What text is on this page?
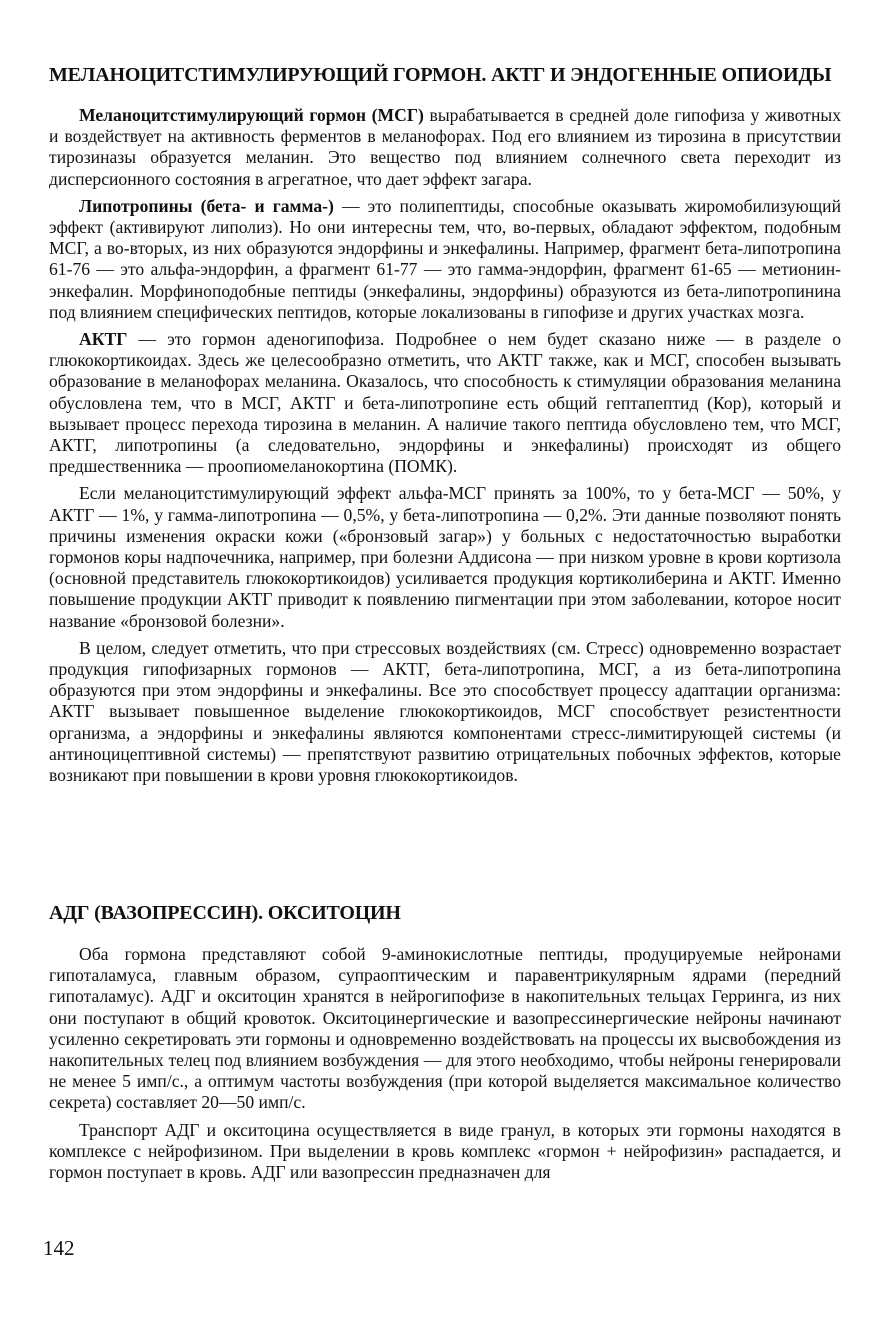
МЕЛАНОЦИТСТИМУЛИРУЮЩИЙ ГОРМОН. АКТГ И ЭНДОГЕННЫЕ ОПИОИДЫ

Меланоцитстимулирующий гормон (МСГ) вырабатывается в средней доле гипофиза у животных и воздействует на активность ферментов в меланофорах. Под его влиянием из тирозина в присутствии тирозиназы образуется меланин. Это вещество под влиянием солнечного света переходит из дисперсионного состояния в агрегатное, что дает эффект загара.

Липотропины (бета- и гамма-) — это полипептиды, способные оказывать жиромобилизующий эффект (активируют липолиз). Но они интересны тем, что, во-первых, обладают эффектом, подобным МСГ, а во-вторых, из них образуются эндорфины и энкефалины. Например, фрагмент бета-липотропина 61-76 — это альфа-эндорфин, а фрагмент 61-77 — это гамма-эндорфин, фрагмент 61-65 — метионин-энкефалин. Морфиноподобные пептиды (энкефалины, эндорфины) образуются из бета-липотропинина под влиянием специфических пептидов, которые локализованы в гипофизе и других участках мозга.

АКТГ — это гормон аденогипофиза. Подробнее о нем будет сказано ниже — в разделе о глюкокортикоидах. Здесь же целесообразно отметить, что АКТГ также, как и МСГ, способен вызывать образование в меланофорах меланина. Оказалось, что способность к стимуляции образования меланина обусловлена тем, что в МСГ, АКТГ и бета-липотропине есть общий гептапептид (Кор), который и вызывает процесс перехода тирозина в меланин. А наличие такого пептида обусловлено тем, что МСГ, АКТГ, липотропины (а следовательно, эндорфины и энкефалины) происходят из общего предшественника — проопиомеланокортина (ПОМК).

Если меланоцитстимулирующий эффект альфа-МСГ принять за 100%, то у бета-МСГ — 50%, у АКТГ — 1%, у гамма-липотропина — 0,5%, у бета-липотропина — 0,2%. Эти данные позволяют понять причины изменения окраски кожи («бронзовый загар») у больных с недостаточностью выработки гормонов коры надпочечника, например, при болезни Аддисона — при низком уровне в крови кортизола (основной представитель глюкокортикоидов) усиливается продукция кортиколиберина и АКТГ. Именно повышение продукции АКТГ приводит к появлению пигментации при этом заболевании, которое носит название «бронзовой болезни».

В целом, следует отметить, что при стрессовых воздействиях (см. Стресс) одновременно возрастает продукция гипофизарных гормонов — АКТГ, бета-липотропина, МСГ, а из бета-липотропина образуются при этом эндорфины и энкефалины. Все это способствует процессу адаптации организма: АКТГ вызывает повышенное выделение глюкокортикоидов, МСГ способствует резистентности организма, а эндорфины и энкефалины являются компонентами стресс-лимитирующей системы (и антиноцицептивной системы) — препятствуют развитию отрицательных побочных эффектов, которые возникают при повышении в крови уровня глюкокортикоидов.

АДГ (ВАЗОПРЕССИН). ОКСИТОЦИН

Оба гормона представляют собой 9-аминокислотные пептиды, продуцируемые нейронами гипоталамуса, главным образом, супраоптическим и паравентрикулярным ядрами (передний гипоталамус). АДГ и окситоцин хранятся в нейрогипофизе в накопительных тельцах Герринга, из них они поступают в общий кровоток. Окситоцинергические и вазопрессинергические нейроны начинают усиленно секретировать эти гормоны и одновременно воздействовать на процессы их высвобождения из накопительных телец под влиянием возбуждения — для этого необходимо, чтобы нейроны генерировали не менее 5 имп/с., а оптимум частоты возбуждения (при которой выделяется максимальное количество секрета) составляет 20—50 имп/с.

Транспорт АДГ и окситоцина осуществляется в виде гранул, в которых эти гормоны находятся в комплексе с нейрофизином. При выделении в кровь комплекс «гормон + нейрофизин» распадается, и гормон поступает в кровь. АДГ или вазопрессин предназначен для

142
